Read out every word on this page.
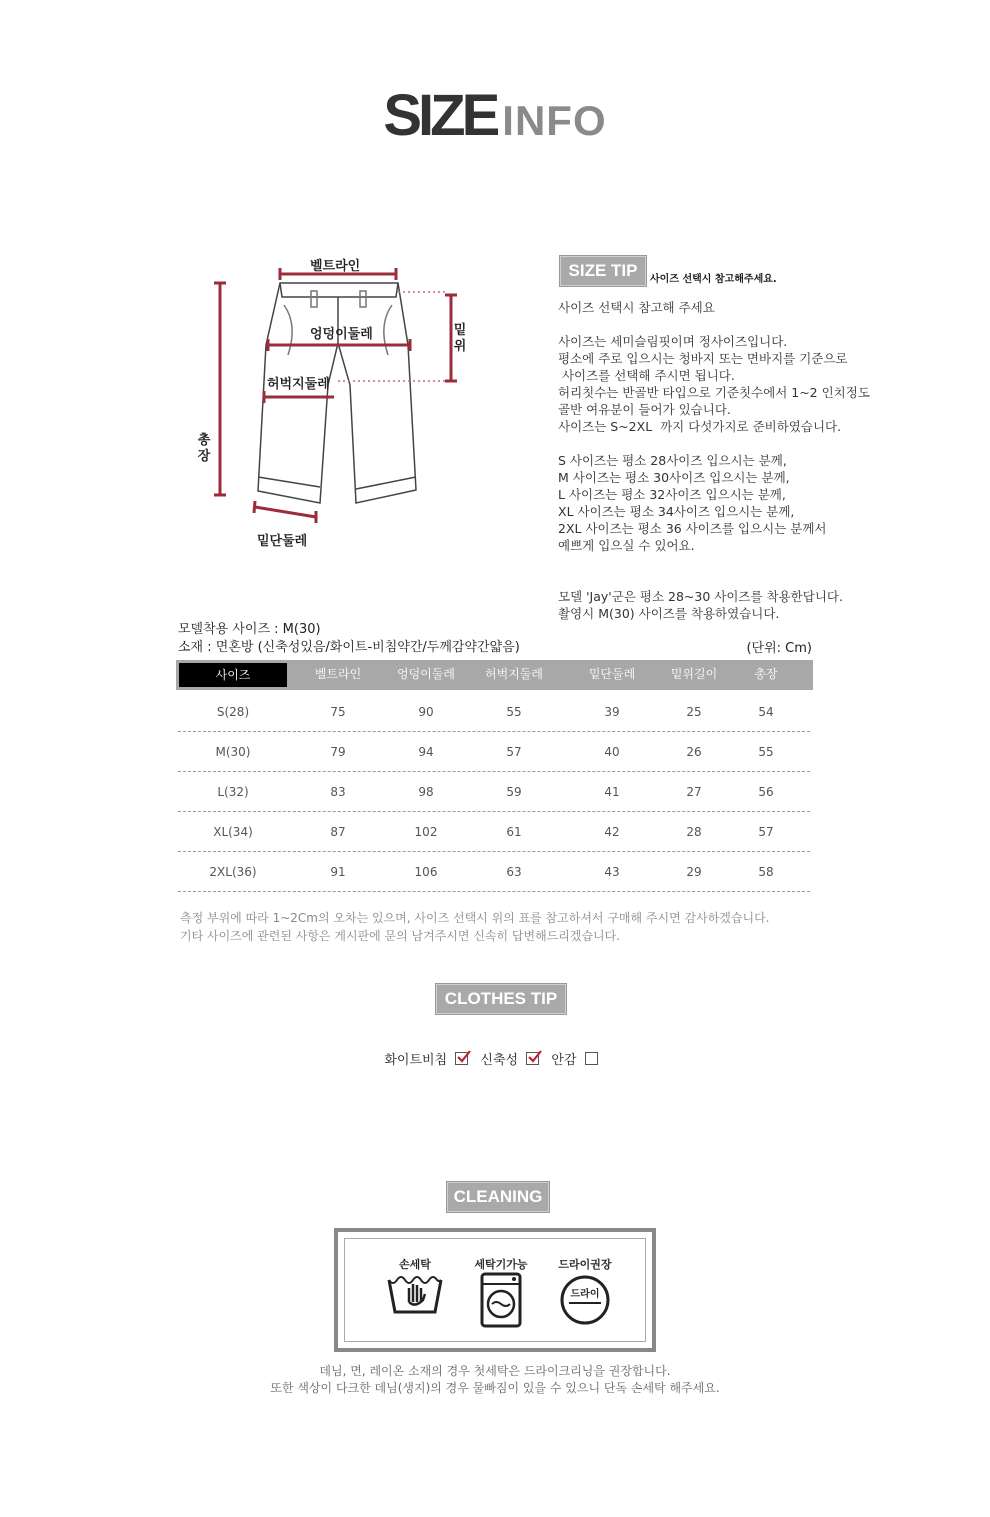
SIZE INFO
벨트라인
엉덩이둘레
허벅지둘레
밑단둘레
총
장
밑
위
SIZE TIP	사이즈 선택시 참고해주세요.
사이즈 선택시 참고해 주세요
사이즈는 세미슬림핏이며 정사이즈입니다.
평소에 주로 입으시는 청바지 또는 면바지를 기준으로
사이즈를 선택해 주시면 됩니다.
허리칫수는 반골반 타입으로 기준칫수에서 1~2 인치정도
골반 여유분이 들어가 있습니다.
사이즈는 S~2XL  까지 다섯가지로 준비하였습니다.
S 사이즈는 평소 28사이즈 입으시는 분께,
M 사이즈는 평소 30사이즈 입으시는 분께,
L 사이즈는 평소 32사이즈 입으시는 분께,
XL 사이즈는 평소 34사이즈 입으시는 분께,
2XL 사이즈는 평소 36 사이즈를 입으시는 분께서
예쁘게 입으실 수 있어요.
모델 'Jay'군은 평소 28~30 사이즈를 착용한답니다.
촬영시 M(30) 사이즈를 착용하였습니다.
모델착용 사이즈 : M(30)
소재 : 면혼방 (신축성있음/화이트-비침약간/두께감약간얇음)	(단위: Cm)
사이즈	벨트라인	엉덩이둘레	허벅지둘레	밑단둘레	밑위길이	총장
S(28)	75	90	55	39	25	54
M(30)	79	94	57	40	26	55
L(32)	83	98	59	41	27	56
XL(34)	87	102	61	42	28	57
2XL(36)	91	106	63	43	29	58
측정 부위에 따라 1~2Cm의 오차는 있으며, 사이즈 선택시 위의 표를 참고하셔서 구매해 주시면 감사하겠습니다.
기타 사이즈에 관련된 사항은 게시판에 문의 남겨주시면 신속히 답변해드리겠습니다.
CLOTHES TIP
화이트비침	신축성	안감
CLEANING
손세탁	세탁기가능	드라이권장
드라이
데님, 면, 레이온 소재의 경우 첫세탁은 드라이크리닝을 권장합니다.
또한 색상이 다크한 데님(생지)의 경우 물빠짐이 있을 수 있으니 단독 손세탁 해주세요.
